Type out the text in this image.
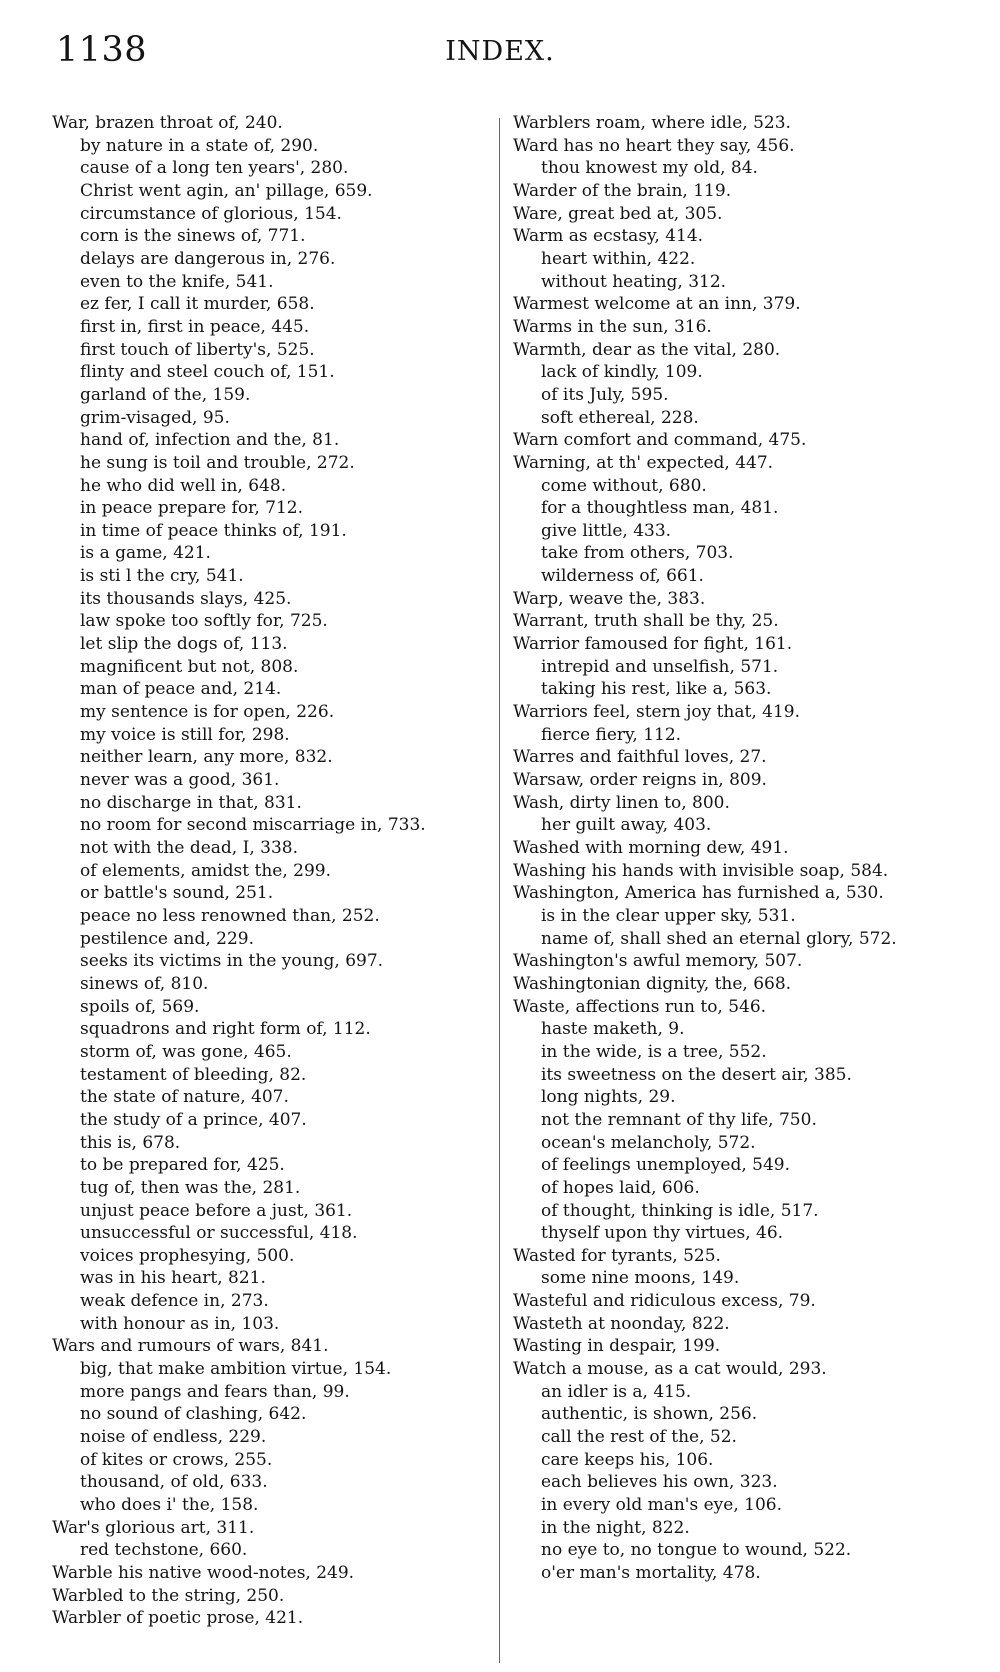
1138	INDEX.
War, brazen throat of, 240.
by nature in a state of, 290.
cause of a long ten years', 280.
Christ went agin, an' pillage, 659.
circumstance of glorious, 154.
corn is the sinews of, 771.
delays are dangerous in, 276.
even to the knife, 541.
ez fer, I call it murder, 658.
first in, first in peace, 445.
first touch of liberty's, 525.
flinty and steel couch of, 151.
garland of the, 159.
grim-visaged, 95.
hand of, infection and the, 81.
he sung is toil and trouble, 272.
he who did well in, 648.
in peace prepare for, 712.
in time of peace thinks of, 191.
is a game, 421.
is sti l the cry, 541.
its thousands slays, 425.
law spoke too softly for, 725.
let slip the dogs of, 113.
magnificent but not, 808.
man of peace and, 214.
my sentence is for open, 226.
my voice is still for, 298.
neither learn, any more, 832.
never was a good, 361.
no discharge in that, 831.
no room for second miscarriage in, 733.
not with the dead, I, 338.
of elements, amidst the, 299.
or battle's sound, 251.
peace no less renowned than, 252.
pestilence and, 229.
seeks its victims in the young, 697.
sinews of, 810.
spoils of, 569.
squadrons and right form of, 112.
storm of, was gone, 465.
testament of bleeding, 82.
the state of nature, 407.
the study of a prince, 407.
this is, 678.
to be prepared for, 425.
tug of, then was the, 281.
unjust peace before a just, 361.
unsuccessful or successful, 418.
voices prophesying, 500.
was in his heart, 821.
weak defence in, 273.
with honour as in, 103.
Wars and rumours of wars, 841.
big, that make ambition virtue, 154.
more pangs and fears than, 99.
no sound of clashing, 642.
noise of endless, 229.
of kites or crows, 255.
thousand, of old, 633.
who does i' the, 158.
War's glorious art, 311.
red techstone, 660.
Warble his native wood-notes, 249.
Warbled to the string, 250.
Warbler of poetic prose, 421.
Warblers roam, where idle, 523.
Ward has no heart they say, 456.
thou knowest my old, 84.
Warder of the brain, 119.
Ware, great bed at, 305.
Warm as ecstasy, 414.
heart within, 422.
without heating, 312.
Warmest welcome at an inn, 379.
Warms in the sun, 316.
Warmth, dear as the vital, 280.
lack of kindly, 109.
of its July, 595.
soft ethereal, 228.
Warn comfort and command, 475.
Warning, at th' expected, 447.
come without, 680.
for a thoughtless man, 481.
give little, 433.
take from others, 703.
wilderness of, 661.
Warp, weave the, 383.
Warrant, truth shall be thy, 25.
Warrior famoused for fight, 161.
intrepid and unselfish, 571.
taking his rest, like a, 563.
Warriors feel, stern joy that, 419.
fierce fiery, 112.
Warres and faithful loves, 27.
Warsaw, order reigns in, 809.
Wash, dirty linen to, 800.
her guilt away, 403.
Washed with morning dew, 491.
Washing his hands with invisible soap, 584.
Washington, America has furnished a, 530.
is in the clear upper sky, 531.
name of, shall shed an eternal glory, 572.
Washington's awful memory, 507.
Washingtonian dignity, the, 668.
Waste, affections run to, 546.
haste maketh, 9.
in the wide, is a tree, 552.
its sweetness on the desert air, 385.
long nights, 29.
not the remnant of thy life, 750.
ocean's melancholy, 572.
of feelings unemployed, 549.
of hopes laid, 606.
of thought, thinking is idle, 517.
thyself upon thy virtues, 46.
Wasted for tyrants, 525.
some nine moons, 149.
Wasteful and ridiculous excess, 79.
Wasteth at noonday, 822.
Wasting in despair, 199.
Watch a mouse, as a cat would, 293.
an idler is a, 415.
authentic, is shown, 256.
call the rest of the, 52.
care keeps his, 106.
each believes his own, 323.
in every old man's eye, 106.
in the night, 822.
no eye to, no tongue to wound, 522.
o'er man's mortality, 478.
